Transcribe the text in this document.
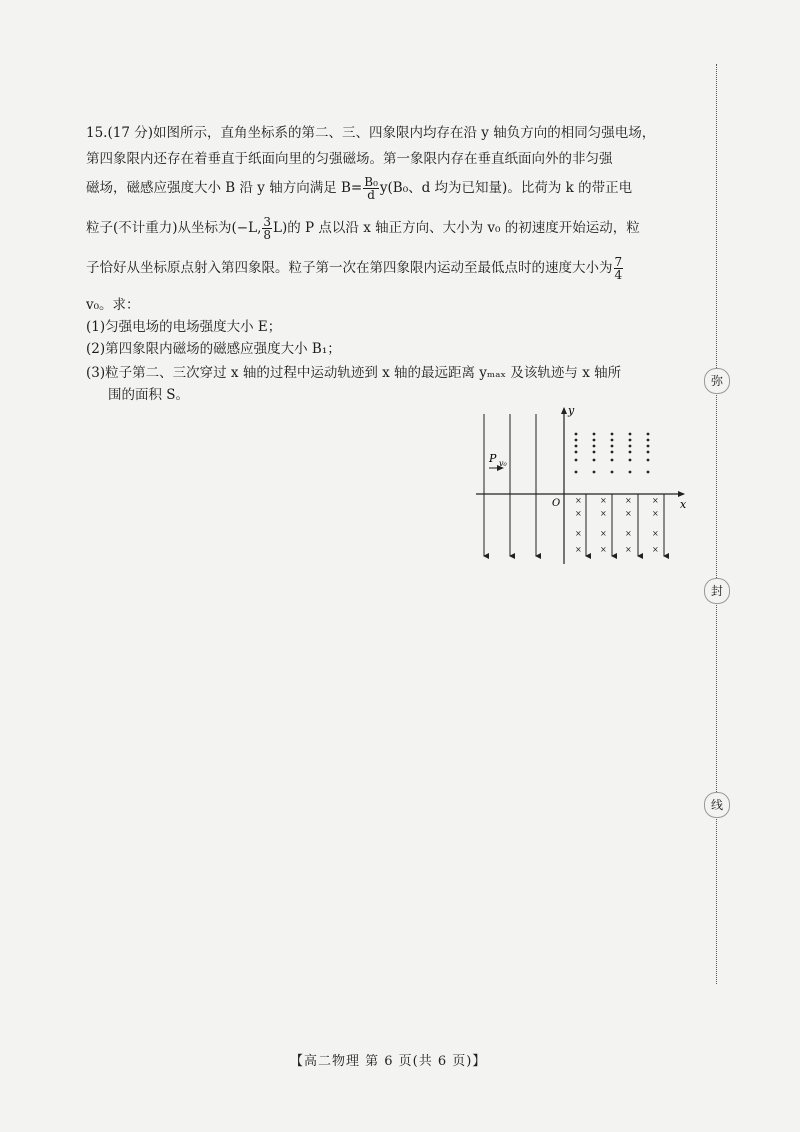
15.(17 分)如图所示，直角坐标系的第二、三、四象限内均存在沿 y 轴负方向的相同匀强电场，
第四象限内还存在着垂直于纸面向里的匀强磁场。第一象限内存在垂直纸面向外的非匀强
磁场，磁感应强度大小 B 沿 y 轴方向满足 $B= \frac{\text{B₀}}{d} y(B_0$、d 均为已知量)。比荷为 k 的带正电
粒子(不计重力)从坐标为(−L, $\frac{3}{8} L$)的 P 点以沿 x 轴正方向、大小为 v₀ 的初速度开始运动，粒
子恰好从坐标原点射入第四象限。粒子第一次在第四象限内运动至最低点时的速度大小为 $\frac{7}{4}$
v₀。求：
(1)匀强电场的电场强度大小 E；
(2)第四象限内磁场的磁感应强度大小 B₁；
(3)粒子第二、三次穿过 x 轴的过程中运动轨迹到 x 轴的最远距离 yₘₐₓ 及该轨迹与 x 轴所
围的面积 S。
y
x
O
P v₀
×
×
×
×
×
×
×
×
×
×
×
×
×
×
×
×
弥
封
线
【高二物理 第 6 页(共 6 页)】
